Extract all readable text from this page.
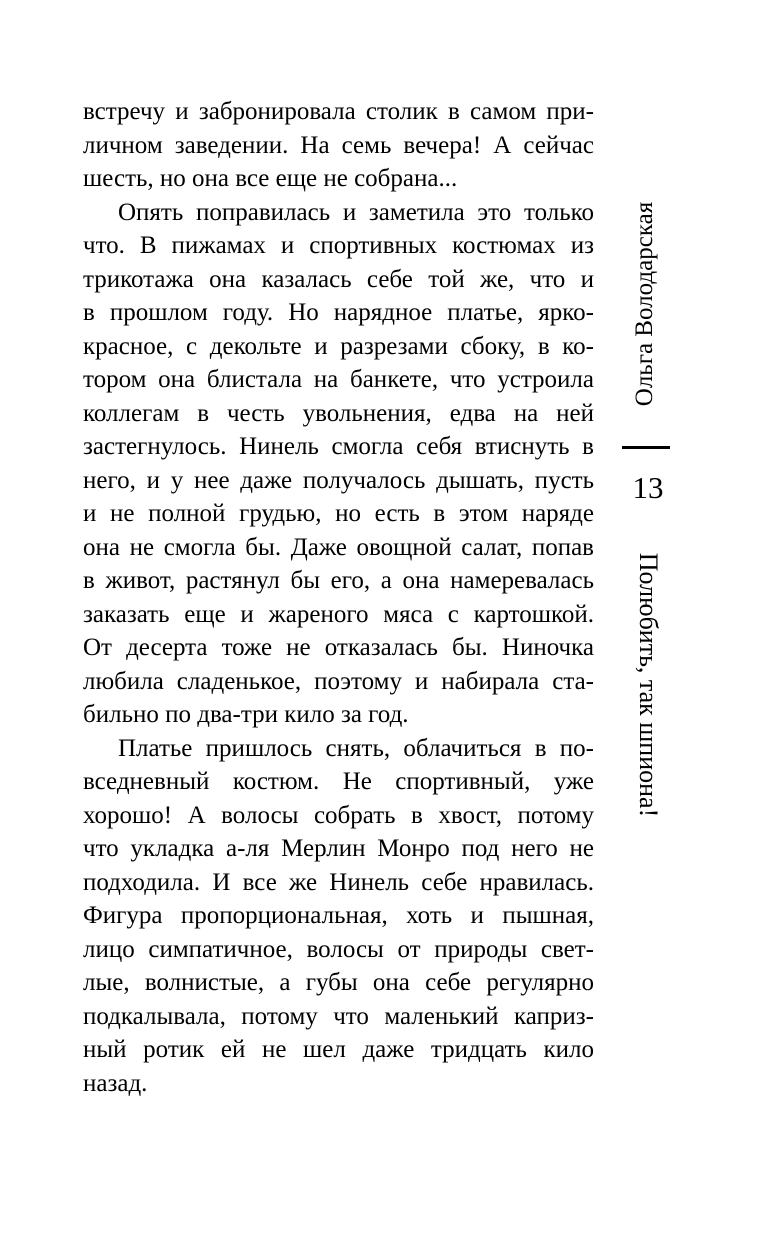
встречу и забронировала столик в самом при-
личном заведении. На семь вечера! А сейчас
шесть, но она все еще не собрана...
Опять поправилась и заметила это только
что. В пижамах и спортивных костюмах из
трикотажа она казалась себе той же, что и
в прошлом году. Но нарядное платье, ярко-
красное, с декольте и разрезами сбоку, в ко-
тором она блистала на банкете, что устроила
коллегам в честь увольнения, едва на ней
застегнулось. Нинель смогла себя втиснуть в
него, и у нее даже получалось дышать, пусть
и не полной грудью, но есть в этом наряде
она не смогла бы. Даже овощной салат, попав
в живот, растянул бы его, а она намеревалась
заказать еще и жареного мяса с картошкой.
От десерта тоже не отказалась бы. Ниночка
любила сладенькое, поэтому и набирала ста-
бильно по два-три кило за год.
Платье пришлось снять, облачиться в по-
вседневный костюм. Не спортивный, уже
хорошо! А волосы собрать в хвост, потому
что укладка а-ля Мерлин Монро под него не
подходила. И все же Нинель себе нравилась.
Фигура пропорциональная, хоть и пышная,
лицо симпатичное, волосы от природы свет-
лые, волнистые, а губы она себе регулярно
подкалывала, потому что маленький каприз-
ный ротик ей не шел даже тридцать кило
назад.
Ольга Володарская
13
Полюбить, так шпиона!
